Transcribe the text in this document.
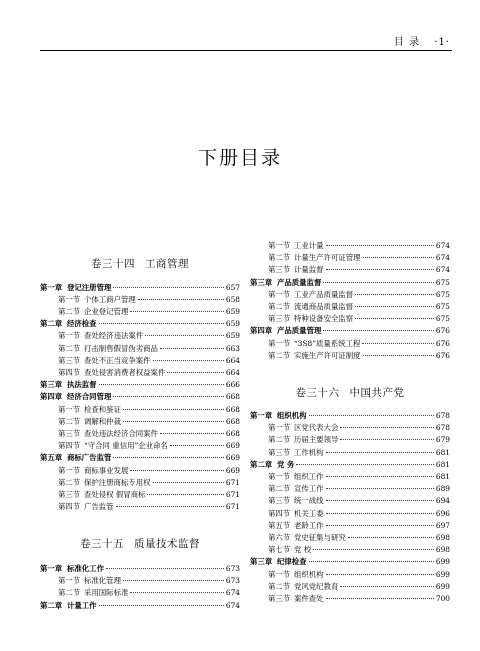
目 录 ·1·
下册目录
卷三十四 工商管理
卷三十五 质量技术监督
第一章 登记注册管理	657
第一节 个体工商户管理	658
第二节 企业登记管理	659
第二章 经济检查	659
第一节 查处经济违法案件	659
第二节 打击制售假冒伪劣商品	663
第三节 查处不正当竞争案件	664
第四节 查处侵害消费者权益案件	664
第三章 执法监督	666
第四章 经济合同管理	668
第一节 检查和鉴证	668
第二节 调解和仲裁	668
第三节 查处违法经济合同案件	668
第四节 “守合同 重信用”企业命名	669
第五章 商标广告监管	669
第一节 商标事业发展	669
第二节 保护注册商标专用权	671
第三节 查处侵权 假冒商标	671
第四节 广告监管	671
第一章 标准化工作	673
第一节 标准化管理	673
第二节 采用国际标准	674
第二章 计量工作	674
卷三十六 中国共产党
第一节 工业计量	674
第二节 计量生产许可证管理	674
第三节 计量监督	674
第三章 产品质量监督	675
第一节 工业产品质量监督	675
第二节 流通商品质量监督	675
第三节 特种设备安全监察	675
第四章 产品质量管理	676
第一节 “3S8”质量系统工程	676
第二节 实施生产许可证制度	676
第一章 组织机构	678
第一节 区党代表大会	678
第二节 历届主要领导	679
第三节 工作机构	681
第二章 党 务	681
第一节 组织工作	681
第二节 宣传工作	689
第三节 统一战线	694
第四节 机关工委	696
第五节 老龄工作	697
第六节 党史征集与研究	698
第七节 党 校	698
第三章 纪律检查	699
第一节 组织机构	699
第二节 党风党纪教育	699
第三节 案件查处	700
